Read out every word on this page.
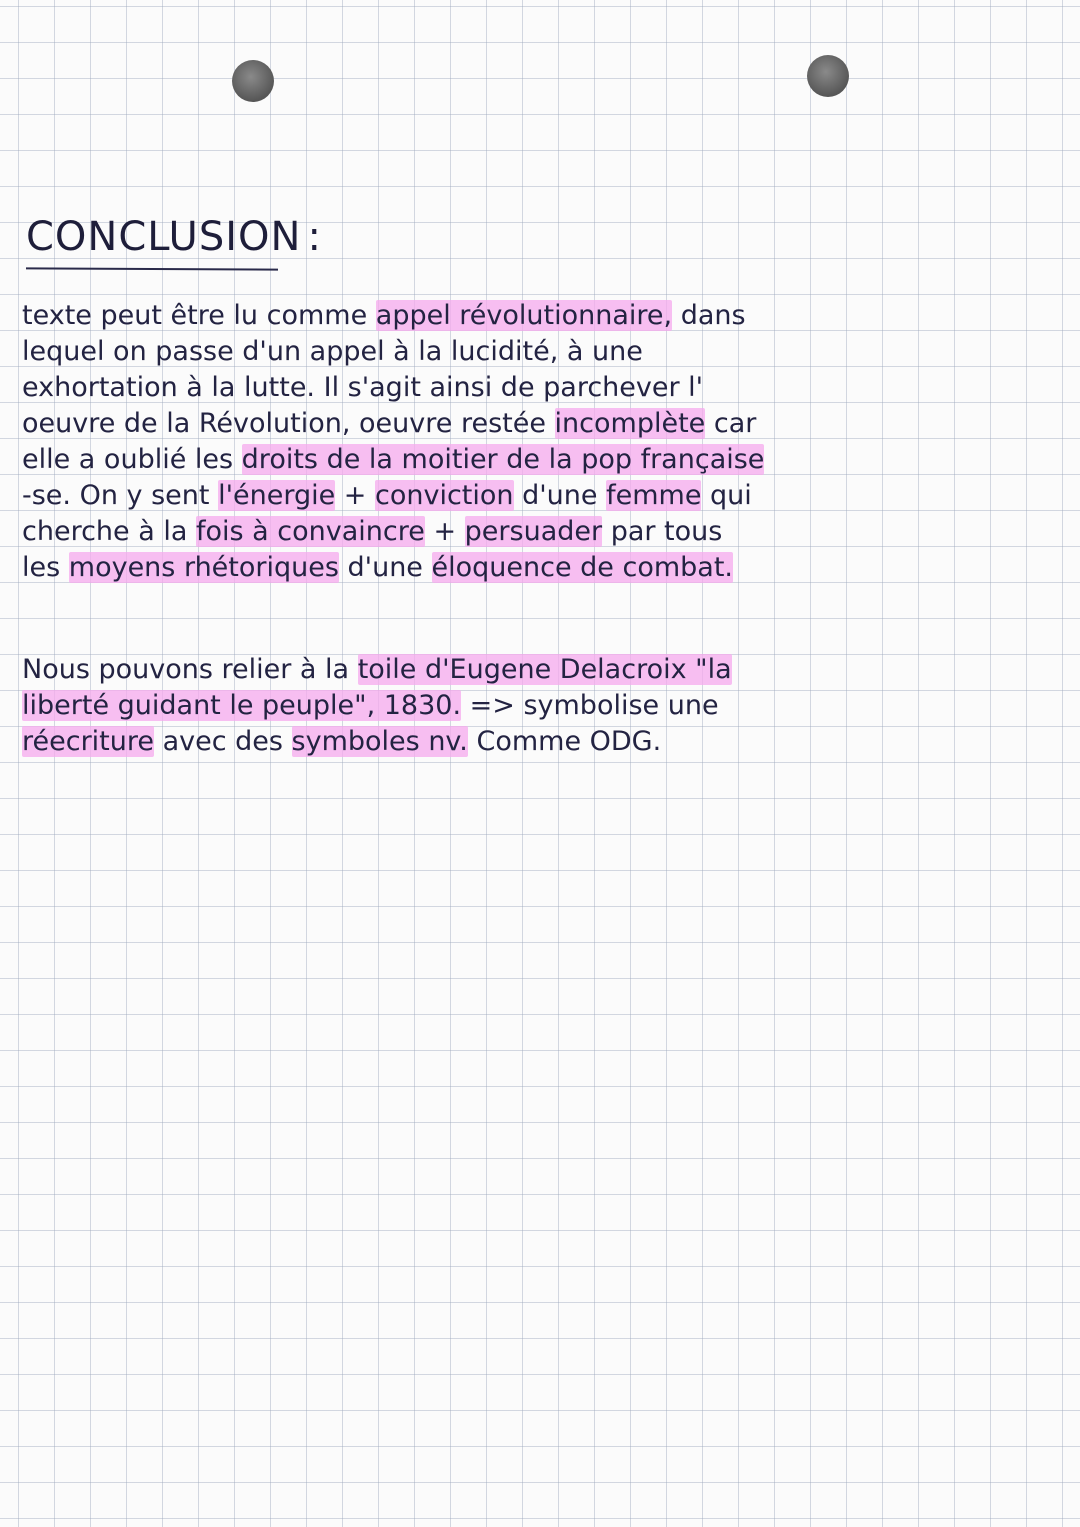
CONCLUSION :
texte peut être lu comme appel révolutionnaire, dans
lequel on passe d'un appel à la lucidité, à une
exhortation à la lutte. Il s'agit ainsi de parchever l'
oeuvre de la Révolution, oeuvre restée incomplète car
elle a oublié les droits de la moitier de la pop française
-se. On y sent l'énergie + conviction d'une femme qui
cherche à la fois à convaincre + persuader par tous
les moyens rhétoriques d'une éloquence de combat.
Nous pouvons relier à la toile d'Eugene Delacroix "la
liberté guidant le peuple", 1830. => symbolise une
réecriture avec des symboles nv. Comme ODG.
